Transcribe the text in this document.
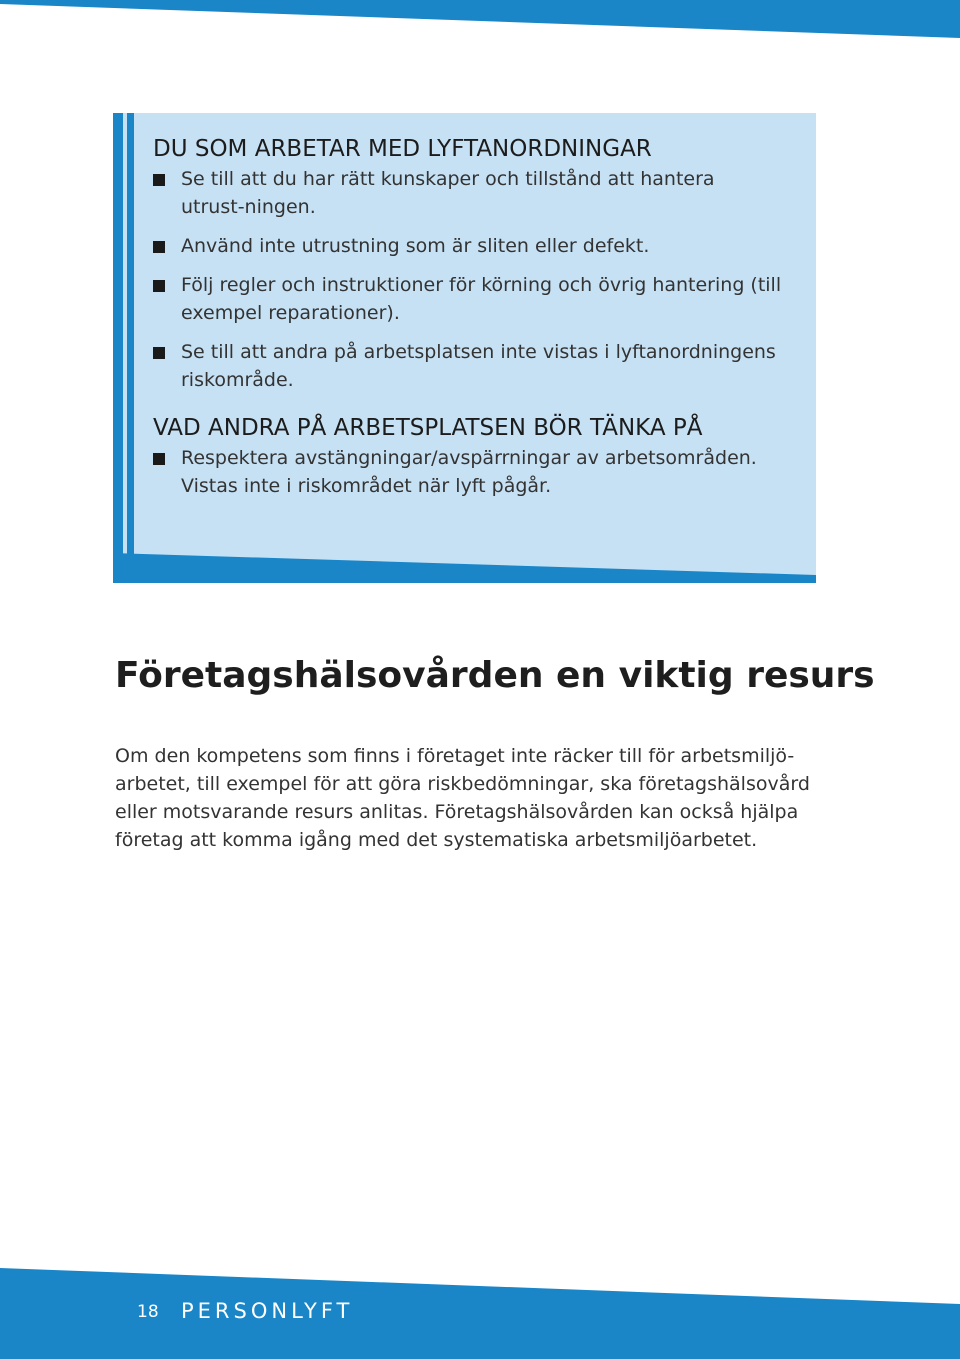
DU SOM ARBETAR MED LYFTANORDNINGAR
Se till att du har rätt kunskaper och tillstånd att hantera utrust-ningen.
Använd inte utrustning som är sliten eller defekt.
Följ regler och instruktioner för körning och övrig hantering (till exempel reparationer).
Se till att andra på arbetsplatsen inte vistas i lyftanordningens riskområde.
VAD ANDRA PÅ ARBETSPLATSEN BÖR TÄNKA PÅ
Respektera avstängningar/avspärrningar av arbetsområden. Vistas inte i riskområdet när lyft pågår.
Företagshälsovården en viktig resurs

Om den kompetens som finns i företaget inte räcker till för arbetsmiljö-arbetet, till exempel för att göra riskbedömningar, ska företagshälsovård eller motsvarande resurs anlitas. Företagshälsovården kan också hjälpa företag att komma igång med det systematiska arbetsmiljöarbetet.

18 PERSONLYFT
